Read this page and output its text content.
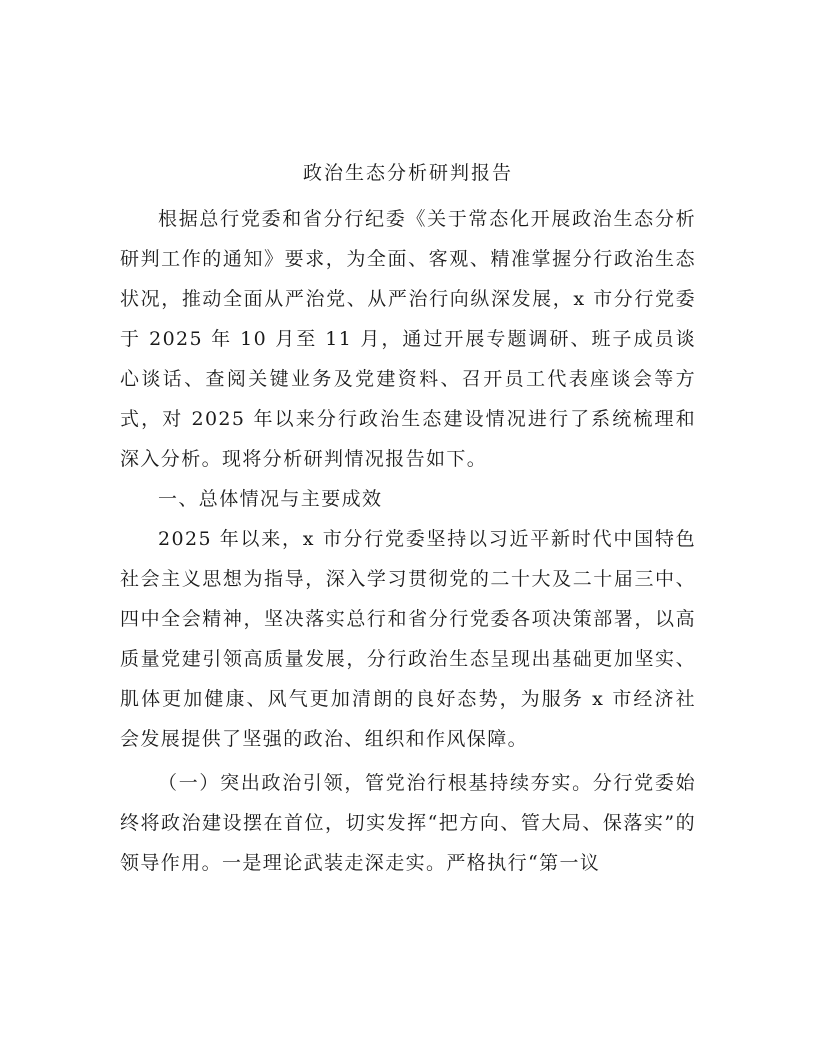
政治生态分析研判报告

根据总行党委和省分行纪委《关于常态化开展政治生态分析研判工作的通知》要求，为全面、客观、精准掌握分行政治生态状况，推动全面从严治党、从严治行向纵深发展，x 市分行党委于 2025 年 10 月至 11 月，通过开展专题调研、班子成员谈心谈话、查阅关键业务及党建资料、召开员工代表座谈会等方式，对 2025 年以来分行政治生态建设情况进行了系统梳理和深入分析。现将分析研判情况报告如下。

一、总体情况与主要成效

2025 年以来，x 市分行党委坚持以习近平新时代中国特色社会主义思想为指导，深入学习贯彻党的二十大及二十届三中、四中全会精神，坚决落实总行和省分行党委各项决策部署，以高质量党建引领高质量发展，分行政治生态呈现出基础更加坚实、肌体更加健康、风气更加清朗的良好态势，为服务 x 市经济社会发展提供了坚强的政治、组织和作风保障。

（一）突出政治引领，管党治行根基持续夯实。分行党委始终将政治建设摆在首位，切实发挥“把方向、管大局、保落实”的领导作用。一是理论武装走深走实。严格执行“第一议
